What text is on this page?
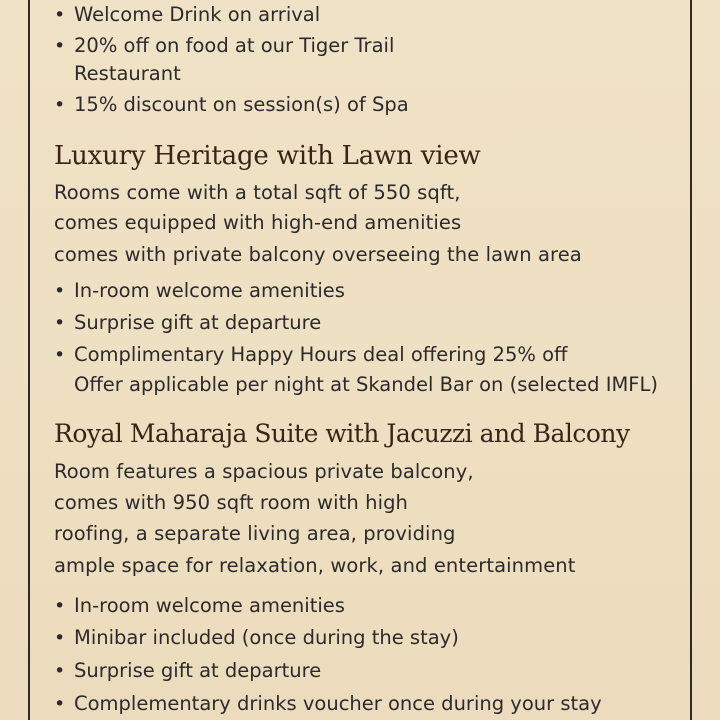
• Welcome Drink on arrival
• 20% off on food at our Tiger Trail
Restaurant
• 15% discount on session(s) of Spa
Luxury Heritage with Lawn view
Rooms come with a total sqft of 550 sqft,
comes equipped with high-end amenities
comes with private balcony overseeing the lawn area
• In-room welcome amenities
• Surprise gift at departure
• Complimentary Happy Hours deal offering 25% off
Offer applicable per night at Skandel Bar on (selected IMFL)
Royal Maharaja Suite with Jacuzzi and Balcony
Room features a spacious private balcony,
comes with 950 sqft room with high
roofing, a separate living area, providing
ample space for relaxation, work, and entertainment
• In-room welcome amenities
• Minibar included (once during the stay)
• Surprise gift at departure
• Complementary drinks voucher once during your stay
